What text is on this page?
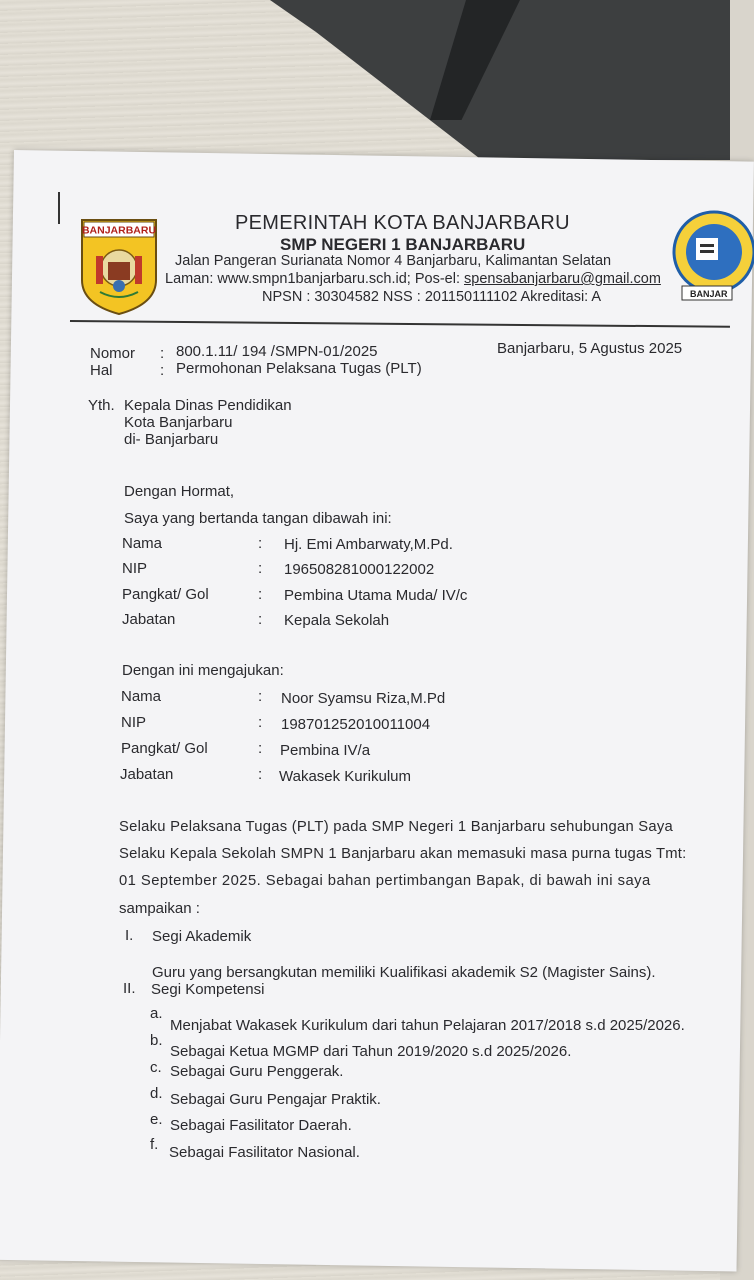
BANJARBARU
BANJAR
PEMERINTAH KOTA BANJARBARU
SMP NEGERI 1 BANJARBARU
Jalan Pangeran Surianata Nomor 4 Banjarbaru, Kalimantan Selatan
Laman: www.smpn1banjarbaru.sch.id; Pos-el: spensabanjarbaru@gmail.com
NPSN : 30304582 NSS : 201150111102 Akreditasi: A
Nomor : 800.1.11/ 194 /SMPN-01/2025	Banjarbaru, 5 Agustus 2025
Hal	: Permohonan Pelaksana Tugas (PLT)
Yth. Kepala Dinas Pendidikan
Kota Banjarbaru
di- Banjarbaru
Dengan Hormat,
Saya yang bertanda tangan dibawah ini:
Nama	: Hj. Emi Ambarwaty,M.Pd.
NIP	: 196508281000122002
Pangkat/ Gol	: Pembina Utama Muda/ IV/c
Jabatan	: Kepala Sekolah
Dengan ini mengajukan:
Nama	: Noor Syamsu Riza,M.Pd
NIP	: 198701252010011004
Pangkat/ Gol	: Pembina IV/a
Jabatan	: Wakasek Kurikulum
Selaku Pelaksana Tugas (PLT) pada SMP Negeri 1 Banjarbaru sehubungan Saya
Selaku Kepala Sekolah SMPN 1 Banjarbaru akan memasuki masa purna tugas Tmt:
01 September 2025. Sebagai bahan pertimbangan Bapak, di bawah ini saya
sampaikan :
I. Segi Akademik
Guru yang bersangkutan memiliki Kualifikasi akademik S2 (Magister Sains).
II. Segi Kompetensi
a.
Menjabat Wakasek Kurikulum dari tahun Pelajaran 2017/2018 s.d 2025/2026.
b.
Sebagai Ketua MGMP dari Tahun 2019/2020 s.d 2025/2026.
c. Sebagai Guru Penggerak.
d. Sebagai Guru Pengajar Praktik.
e. Sebagai Fasilitator Daerah.
f. Sebagai Fasilitator Nasional.
